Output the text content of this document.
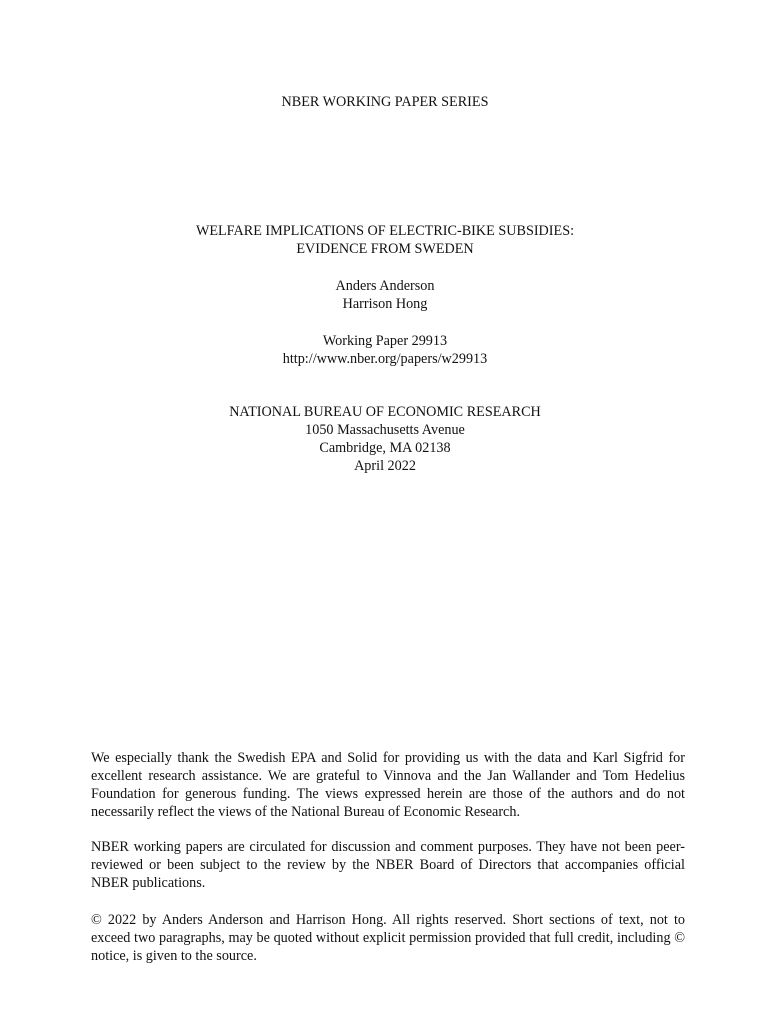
NBER WORKING PAPER SERIES
WELFARE IMPLICATIONS OF ELECTRIC-BIKE SUBSIDIES:
EVIDENCE FROM SWEDEN
Anders Anderson
Harrison Hong
Working Paper 29913
http://www.nber.org/papers/w29913
NATIONAL BUREAU OF ECONOMIC RESEARCH
1050 Massachusetts Avenue
Cambridge, MA 02138
April 2022

We especially thank the Swedish EPA and Solid for providing us with the data and Karl Sigfrid for excellent research assistance. We are grateful to Vinnova and the Jan Wallander and Tom Hedelius Foundation for generous funding. The views expressed herein are those of the authors and do not necessarily reflect the views of the National Bureau of Economic Research.

NBER working papers are circulated for discussion and comment purposes. They have not been peer-reviewed or been subject to the review by the NBER Board of Directors that accompanies official NBER publications.

© 2022 by Anders Anderson and Harrison Hong. All rights reserved. Short sections of text, not to exceed two paragraphs, may be quoted without explicit permission provided that full credit, including © notice, is given to the source.
